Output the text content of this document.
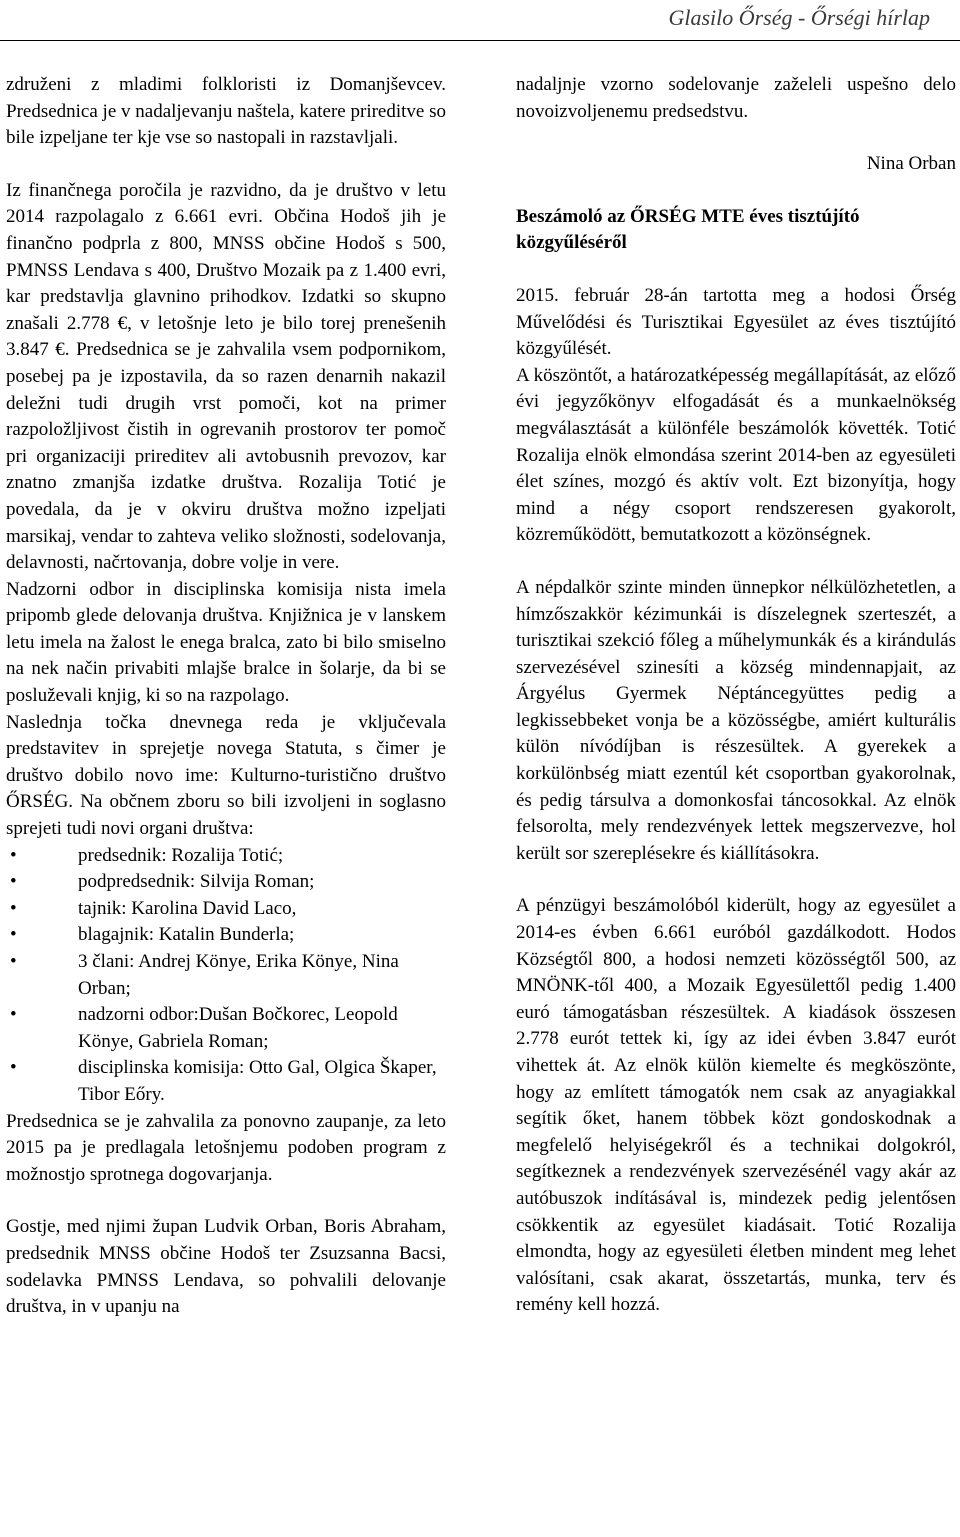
Glasilo Őrség - Őrségi hírlap

združeni z mladimi folkloristi iz Domanjševcev. Predsednica je v nadaljevanju naštela, katere prireditve so bile izpeljane ter kje vse so nastopali in razstavljali.

Iz finančnega poročila je razvidno, da je društvo v letu 2014 razpolagalo z 6.661 evri. Občina Hodoš jih je finančno podprla z 800, MNSS občine Hodoš s 500, PMNSS Lendava s 400, Društvo Mozaik pa z 1.400 evri, kar predstavlja glavnino prihodkov. Izdatki so skupno znašali 2.778 €, v letošnje leto je bilo torej prenešenih 3.847 €. Predsednica se je zahvalila vsem podpornikom, posebej pa je izpostavila, da so razen denarnih nakazil deležni tudi drugih vrst pomoči, kot na primer razpoložljivost čistih in ogrevanih prostorov ter pomoč pri organizaciji prireditev ali avtobusnih prevozov, kar znatno zmanjša izdatke društva. Rozalija Totić je povedala, da je v okviru društva možno izpeljati marsikaj, vendar to zahteva veliko složnosti, sodelovanja, delavnosti, načrtovanja, dobre volje in vere.

Nadzorni odbor in disciplinska komisija nista imela pripomb glede delovanja društva. Knjižnica je v lanskem letu imela na žalost le enega bralca, zato bi bilo smiselno na nek način privabiti mlajše bralce in šolarje, da bi se posluževali knjig, ki so na razpolago.

Naslednja točka dnevnega reda je vključevala predstavitev in sprejetje novega Statuta, s čimer je društvo dobilo novo ime: Kulturno-turistično društvo ŐRSÉG. Na občnem zboru so bili izvoljeni in soglasno sprejeti tudi novi organi društva:

•	predsednik: Rozalija Totić;
•	podpredsednik: Silvija Roman;
•	tajnik: Karolina David Laco,
•	blagajnik: Katalin Bunderla;
•	3 člani: Andrej Könye, Erika Könye, Nina Orban;
•	nadzorni odbor:Dušan Bočkorec, Leopold Könye, Gabriela Roman;
•	disciplinska komisija: Otto Gal, Olgica Škaper, Tibor Eőry.

Predsednica se je zahvalila za ponovno zaupanje, za leto 2015 pa je predlagala letošnjemu podoben program z možnostjo sprotnega dogovarjanja.

Gostje, med njimi župan Ludvik Orban, Boris Abraham, predsednik MNSS občine Hodoš ter Zsuzsanna Bacsi, sodelavka PMNSS Lendava, so pohvalili delovanje društva, in v upanju na

nadaljnje vzorno sodelovanje zaželeli uspešno delo novoizvoljenemu predsedstvu.

Nina Orban

Beszámoló az ŐRSÉG MTE éves tisztújító közgyűléséről

2015. február 28-án tartotta meg a hodosi Őrség Művelődési és Turisztikai Egyesület az éves tisztújító közgyűlését.

A köszöntőt, a határozatképesség megállapítását, az előző évi jegyzőkönyv elfogadását és a munkaelnökség megválasztását a különféle beszámolók követték. Totić Rozalija elnök elmondása szerint 2014-ben az egyesületi élet színes, mozgó és aktív volt. Ezt bizonyítja, hogy mind a négy csoport rendszeresen gyakorolt, közreműködött, bemutatkozott a közönségnek.

A népdalkör szinte minden ünnepkor nélkülözhetetlen, a hímzőszakkör kézimunkái is díszelegnek szerteszét, a turisztikai szekció főleg a műhelymunkák és a kirándulás szervezésével szinesíti a község mindennapjait, az Árgyélus Gyermek Néptáncegyüttes pedig a legkissebbeket vonja be a közösségbe, amiért kulturális külön nívódíjban is részesültek. A gyerekek a korkülönbség miatt ezentúl két csoportban gyakorolnak, és pedig társulva a domonkosfai táncosokkal. Az elnök felsorolta, mely rendezvények lettek megszervezve, hol került sor szereplésekre és kiállításokra.

A pénzügyi beszámolóból kiderült, hogy az egyesület a 2014-es évben 6.661 euróból gazdálkodott. Hodos Községtől 800, a hodosi nemzeti közösségtől 500, az MNÖNK-től 400, a Mozaik Egyesülettől pedig 1.400 euró támogatásban részesültek. A kiadások összesen 2.778 eurót tettek ki, így az idei évben 3.847 eurót vihettek át. Az elnök külön kiemelte és megköszönte, hogy az említett támogatók nem csak az anyagiakkal segítik őket, hanem többek közt gondoskodnak a megfelelő helyiségekről és a technikai dolgokról, segítkeznek a rendezvények szervezésénél vagy akár az autóbuszok indításával is, mindezek pedig jelentősen csökkentik az egyesület kiadásait. Totić Rozalija elmondta, hogy az egyesületi életben mindent meg lehet valósítani, csak akarat, összetartás, munka, terv és remény kell hozzá.
